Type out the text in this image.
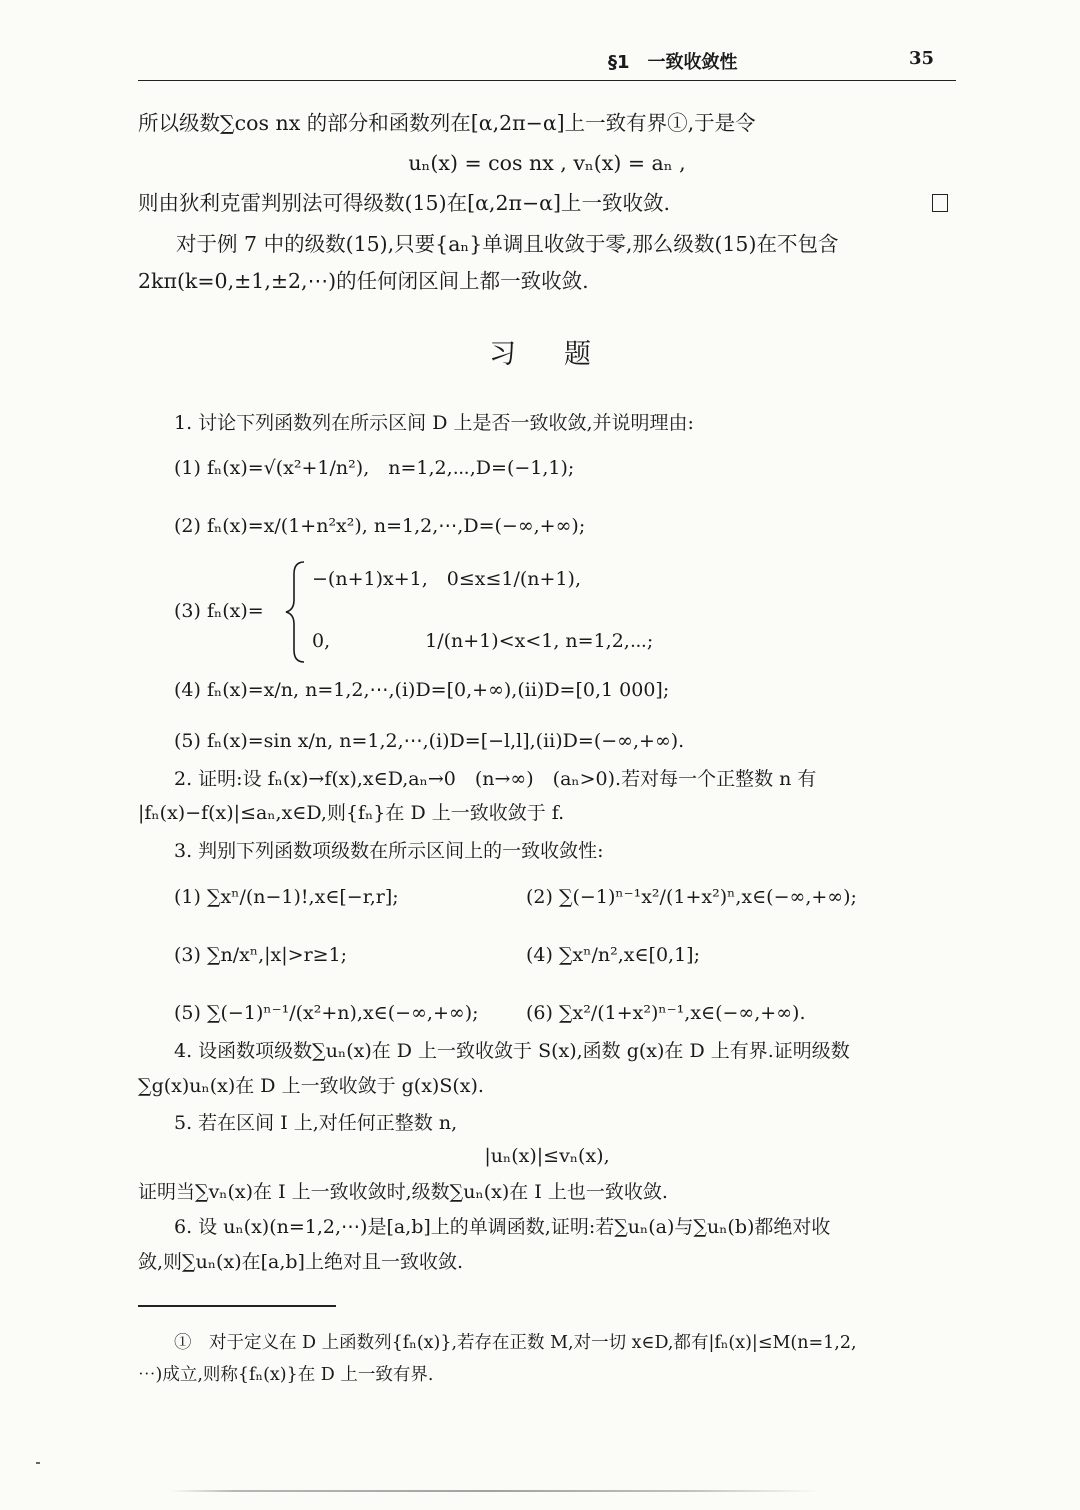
§1　一致收敛性	35
所以级数∑cos nx 的部分和函数列在[α,2π−α]上一致有界①,于是令
uₙ(x) = cos nx , vₙ(x) = aₙ ,
则由狄利克雷判别法可得级数(15)在[α,2π−α]上一致收敛.
对于例 7 中的级数(15),只要{aₙ}单调且收敛于零,那么级数(15)在不包含
2kπ(k=0,±1,±2,⋯)的任何闭区间上都一致收敛.
习题
1. 讨论下列函数列在所示区间 D 上是否一致收敛,并说明理由:
(1) fₙ(x)=√(x²+1/n²),　n=1,2,⋯,D=(−1,1);
(2) fₙ(x)=x/(1+n²x²), n=1,2,⋯,D=(−∞,+∞);
(3) fₙ(x)=
−(n+1)x+1,　0≤x≤1/(n+1),
0,　　　　　1/(n+1)<x<1, n=1,2,⋯;
(4) fₙ(x)=x/n, n=1,2,⋯,(i)D=[0,+∞),(ii)D=[0,1 000];
(5) fₙ(x)=sin x/n, n=1,2,⋯,(i)D=[−l,l],(ii)D=(−∞,+∞).
2. 证明:设 fₙ(x)→f(x),x∈D,aₙ→0　(n→∞)　(aₙ>0).若对每一个正整数 n 有
|fₙ(x)−f(x)|≤aₙ,x∈D,则{fₙ}在 D 上一致收敛于 f.
3. 判别下列函数项级数在所示区间上的一致收敛性:
(1) ∑xⁿ/(n−1)!,x∈[−r,r];	(2) ∑(−1)ⁿ⁻¹x²/(1+x²)ⁿ,x∈(−∞,+∞);
(3) ∑n/xⁿ,|x|>r≥1;	(4) ∑xⁿ/n²,x∈[0,1];
(5) ∑(−1)ⁿ⁻¹/(x²+n),x∈(−∞,+∞); (6) ∑x²/(1+x²)ⁿ⁻¹,x∈(−∞,+∞).
4. 设函数项级数∑uₙ(x)在 D 上一致收敛于 S(x),函数 g(x)在 D 上有界.证明级数
∑g(x)uₙ(x)在 D 上一致收敛于 g(x)S(x).
5. 若在区间 I 上,对任何正整数 n,
|uₙ(x)|≤vₙ(x),
证明当∑vₙ(x)在 I 上一致收敛时,级数∑uₙ(x)在 I 上也一致收敛.
6. 设 uₙ(x)(n=1,2,⋯)是[a,b]上的单调函数,证明:若∑uₙ(a)与∑uₙ(b)都绝对收
敛,则∑uₙ(x)在[a,b]上绝对且一致收敛.
①　对于定义在 D 上函数列{fₙ(x)},若存在正数 M,对一切 x∈D,都有|fₙ(x)|≤M(n=1,2,
⋯)成立,则称{fₙ(x)}在 D 上一致有界.
